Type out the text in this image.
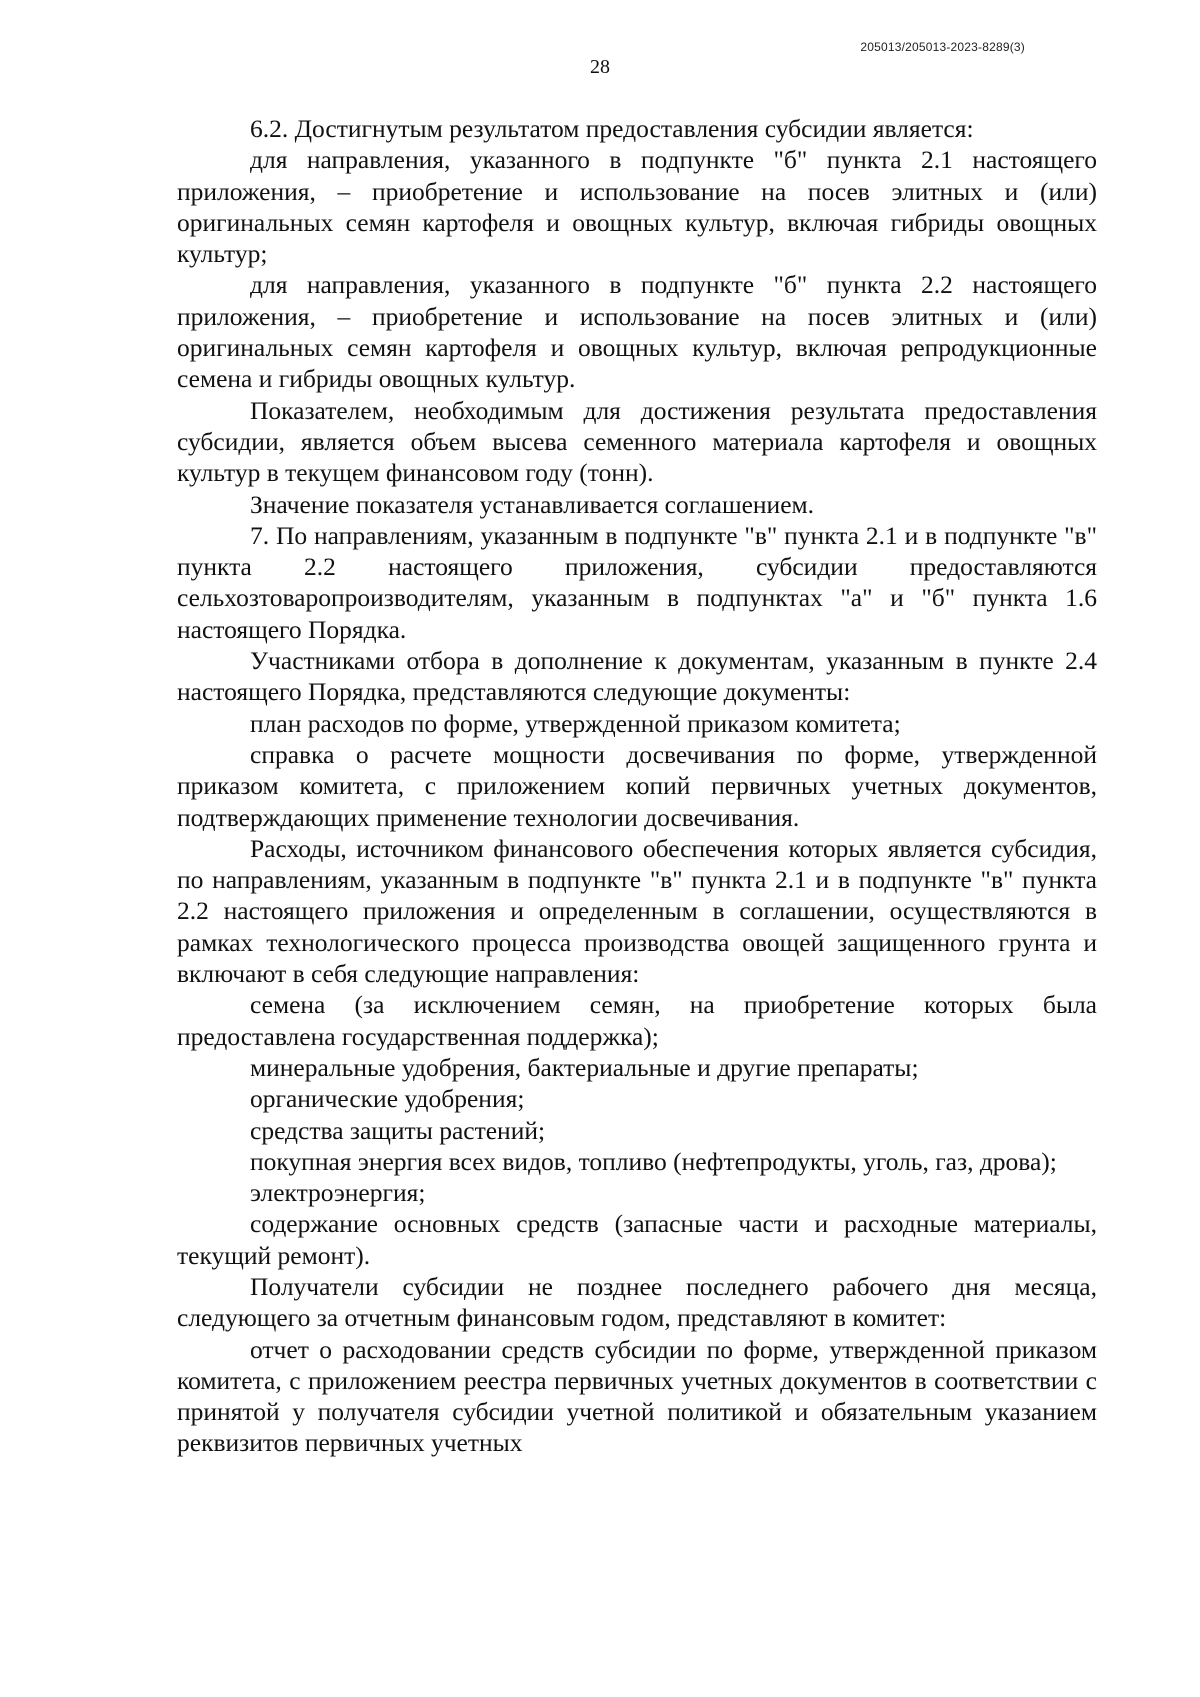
205013/205013-2023-8289(3)
28

6.2. Достигнутым результатом предоставления субсидии является:

для направления, указанного в подпункте "б" пункта 2.1 настоящего приложения, – приобретение и использование на посев элитных и (или) оригинальных семян картофеля и овощных культур, включая гибриды овощных культур;

для направления, указанного в подпункте "б" пункта 2.2 настоящего приложения, – приобретение и использование на посев элитных и (или) оригинальных семян картофеля и овощных культур, включая репродукционные семена и гибриды овощных культур.

Показателем, необходимым для достижения результата предоставления субсидии, является объем высева семенного материала картофеля и овощных культур в текущем финансовом году (тонн).

Значение показателя устанавливается соглашением.

7. По направлениям, указанным в подпункте "в" пункта 2.1 и в подпункте "в" пункта 2.2 настоящего приложения, субсидии предоставляются сельхозтоваропроизводителям, указанным в подпунктах "а" и "б" пункта 1.6 настоящего Порядка.

Участниками отбора в дополнение к документам, указанным в пункте 2.4 настоящего Порядка, представляются следующие документы:

план расходов по форме, утвержденной приказом комитета;

справка о расчете мощности досвечивания по форме, утвержденной приказом комитета, с приложением копий первичных учетных документов, подтверждающих применение технологии досвечивания.

Расходы, источником финансового обеспечения которых является субсидия, по направлениям, указанным в подпункте "в" пункта 2.1 и в подпункте "в" пункта 2.2 настоящего приложения и определенным в соглашении, осуществляются в рамках технологического процесса производства овощей защищенного грунта и включают в себя следующие направления:

семена (за исключением семян, на приобретение которых была предоставлена государственная поддержка);

минеральные удобрения, бактериальные и другие препараты;

органические удобрения;

средства защиты растений;

покупная энергия всех видов, топливо (нефтепродукты, уголь, газ, дрова);

электроэнергия;

содержание основных средств (запасные части и расходные материалы, текущий ремонт).

Получатели субсидии не позднее последнего рабочего дня месяца, следующего за отчетным финансовым годом, представляют в комитет:

отчет о расходовании средств субсидии по форме, утвержденной приказом комитета, с приложением реестра первичных учетных документов в соответствии с принятой у получателя субсидии учетной политикой и обязательным указанием реквизитов первичных учетных
